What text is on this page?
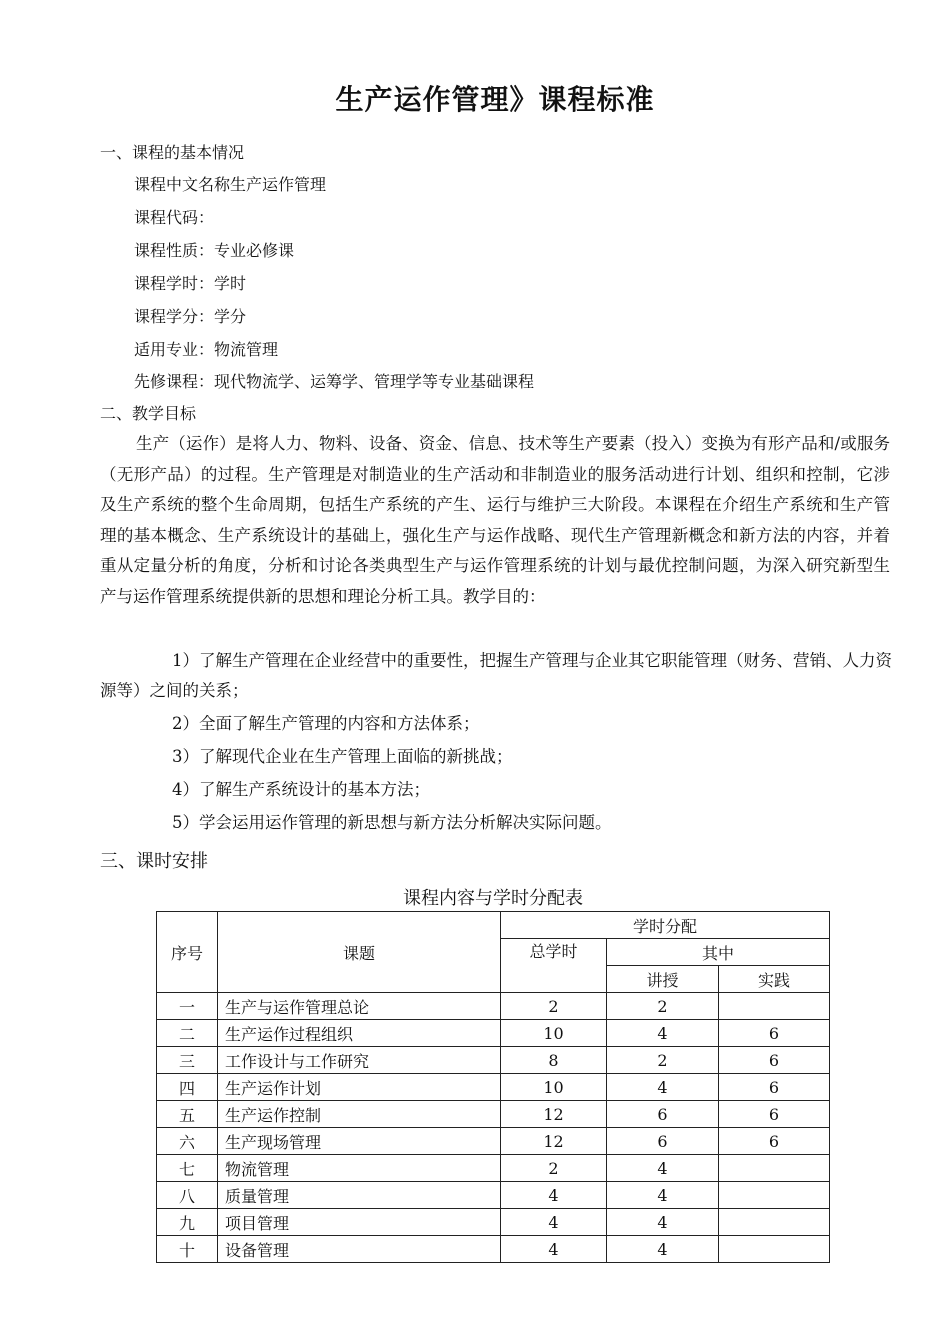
生产运作管理》课程标准
一、课程的基本情况
课程中文名称生产运作管理
课程代码：
课程性质：专业必修课
课程学时：学时
课程学分：学分
适用专业：物流管理
先修课程：现代物流学、运筹学、管理学等专业基础课程
二、教学目标

生产（运作）是将人力、物料、设备、资金、信息、技术等生产要素（投入）变换为有形产品和/或服务（无形产品）的过程。生产管理是对制造业的生产活动和非制造业的服务活动进行计划、组织和控制，它涉及生产系统的整个生命周期，包括生产系统的产生、运行与维护三大阶段。本课程在介绍生产系统和生产管理的基本概念、生产系统设计的基础上，强化生产与运作战略、现代生产管理新概念和新方法的内容，并着重从定量分析的角度，分析和讨论各类典型生产与运作管理系统的计划与最优控制问题，为深入研究新型生产与运作管理系统提供新的思想和理论分析工具。教学目的：

1）了解生产管理在企业经营中的重要性，把握生产管理与企业其它职能管理（财务、营销、人力资源等）之间的关系；

2）全面了解生产管理的内容和方法体系；

3）了解现代企业在生产管理上面临的新挑战；

4）了解生产系统设计的基本方法；

5）学会运用运作管理的新思想与新方法分析解决实际问题。

三、课时安排
课程内容与学时分配表
序号	课题	学时分配		
		总学时	其中	
			讲授	实践
一	生产与运作管理总论	2	2	
二	生产运作过程组织	10	4	6
三	工作设计与工作研究	8	2	6
四	生产运作计划	10	4	6
五	生产运作控制	12	6	6
六	生产现场管理	12	6	6
七	物流管理	2	4	
八	质量管理	4	4	
九	项目管理	4	4	
十	设备管理	4	4	
